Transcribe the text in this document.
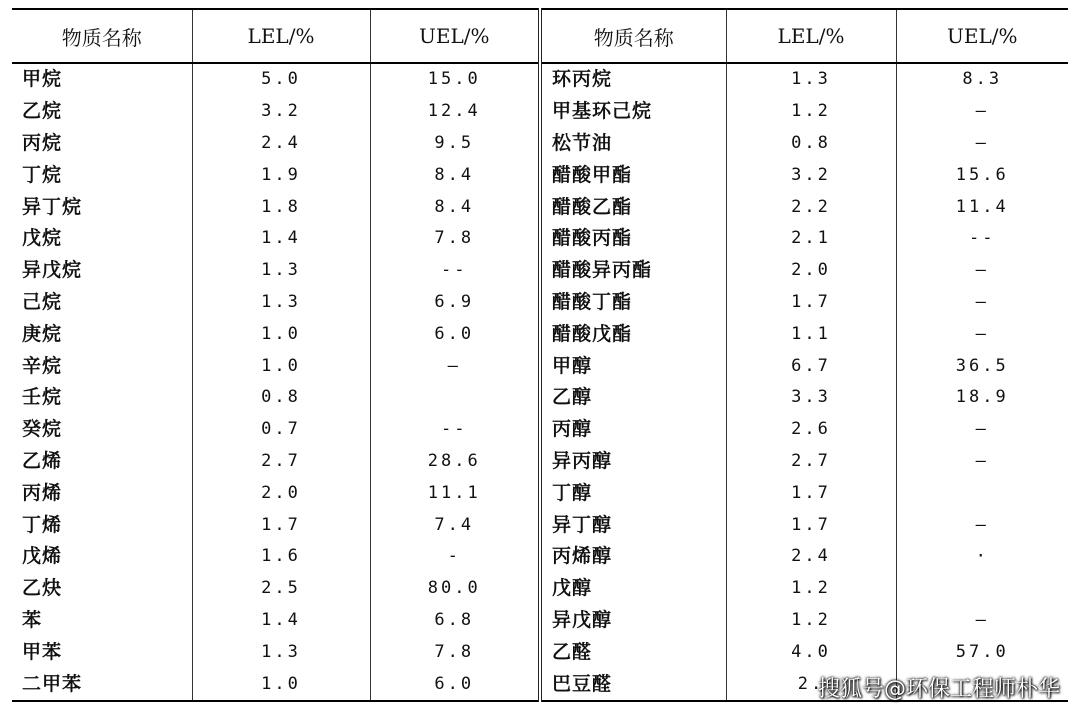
物质名称	LEL/%	UEL/%	物质名称	LEL/%	UEL/%
甲烷	5.0	15.0	环丙烷	1.3	8.3
乙烷	3.2	12.4	甲基环己烷	1.2	—
丙烷	2.4	9.5	松节油	0.8	—
丁烷	1.9	8.4	醋酸甲酯	3.2	15.6
异丁烷	1.8	8.4	醋酸乙酯	2.2	11.4
戊烷	1.4	7.8	醋酸丙酯	2.1	--
异戊烷	1.3	--	醋酸异丙酯	2.0	—
己烷	1.3	6.9	醋酸丁酯	1.7	—
庚烷	1.0	6.0	醋酸戊酯	1.1	—
辛烷	1.0	—	甲醇	6.7	36.5
壬烷	0.8		乙醇	3.3	18.9
癸烷	0.7	--	丙醇	2.6	—
乙烯	2.7	28.6	异丙醇	2.7	—
丙烯	2.0	11.1	丁醇	1.7	
丁烯	1.7	7.4	异丁醇	1.7	—
戊烯	1.6	-	丙烯醇	2.4	·
乙炔	2.5	80.0	戊醇	1.2	
苯	1.4	6.8	异戊醇	1.2	—
甲苯	1.3	7.8	乙醛	4.0	57.0
二甲苯	1.0	6.0	巴豆醛	2.	
搜狐号@环保工程师朴华
